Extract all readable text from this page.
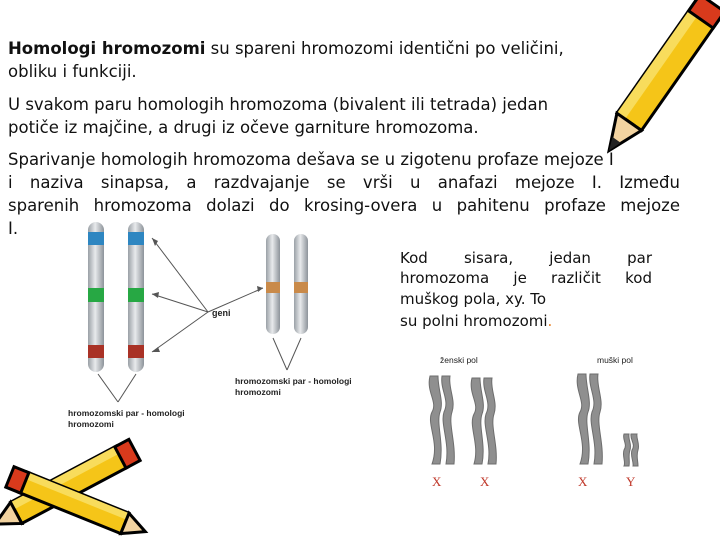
Homologi hromozomi su spareni hromozomi identični po veličini,
obliku i funkciji.
U svakom paru homologih hromozoma (bivalent ili tetrada) jedan
potiče iz majčine, a drugi iz očeve garniture hromozoma.
Sparivanje homologih hromozoma dešava se u zigotenu profaze mejoze I
i naziva sinapsa, a razdvajanje se vrši u anafazi mejoze I. Između
sparenih hromozoma dolazi do krosing-overa u pahitenu profaze mejoze
I.
Kod sisara, jedan par
hromozoma je različit kod
muškog pola, xy. To
su polni hromozomi.
geni
hromozomski par - homologi
hromozomi
hromozomski par - homologi
hromozomi
ženski pol	muški pol
X	X	X	Y
